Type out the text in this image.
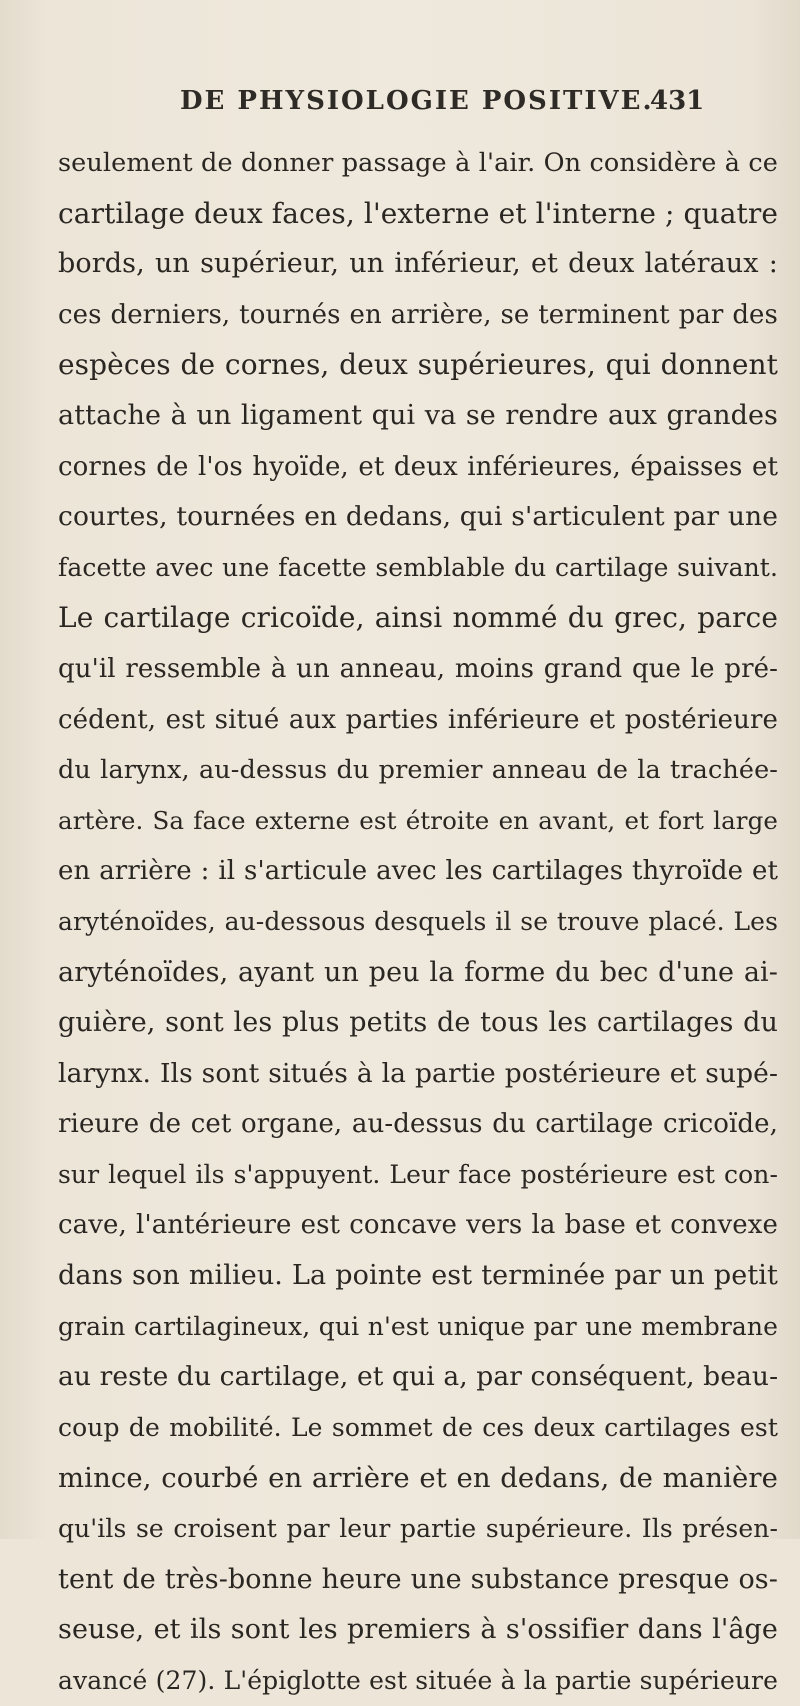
DE PHYSIOLOGIE POSITIVE.
431
seulement de donner passage à l'air. On considère à ce
cartilage deux faces, l'externe et l'interne ; quatre
bords, un supérieur, un inférieur, et deux latéraux :
ces derniers, tournés en arrière, se terminent par des
espèces de cornes, deux supérieures, qui donnent
attache à un ligament qui va se rendre aux grandes
cornes de l'os hyoïde, et deux inférieures, épaisses et
courtes, tournées en dedans, qui s'articulent par une
facette avec une facette semblable du cartilage suivant.
Le cartilage cricoïde, ainsi nommé du grec, parce
qu'il ressemble à un anneau, moins grand que le pré-
cédent, est situé aux parties inférieure et postérieure
du larynx, au-dessus du premier anneau de la trachée-
artère. Sa face externe est étroite en avant, et fort large
en arrière : il s'articule avec les cartilages thyroïde et
aryténoïdes, au-dessous desquels il se trouve placé. Les
aryténoïdes, ayant un peu la forme du bec d'une ai-
guière, sont les plus petits de tous les cartilages du
larynx. Ils sont situés à la partie postérieure et supé-
rieure de cet organe, au-dessus du cartilage cricoïde,
sur lequel ils s'appuyent. Leur face postérieure est con-
cave, l'antérieure est concave vers la base et convexe
dans son milieu. La pointe est terminée par un petit
grain cartilagineux, qui n'est unique par une membrane
au reste du cartilage, et qui a, par conséquent, beau-
coup de mobilité. Le sommet de ces deux cartilages est
mince, courbé en arrière et en dedans, de manière
qu'ils se croisent par leur partie supérieure. Ils présen-
tent de très-bonne heure une substance presque os-
seuse, et ils sont les premiers à s'ossifier dans l'âge
avancé (27). L'épiglotte est située à la partie supérieure
